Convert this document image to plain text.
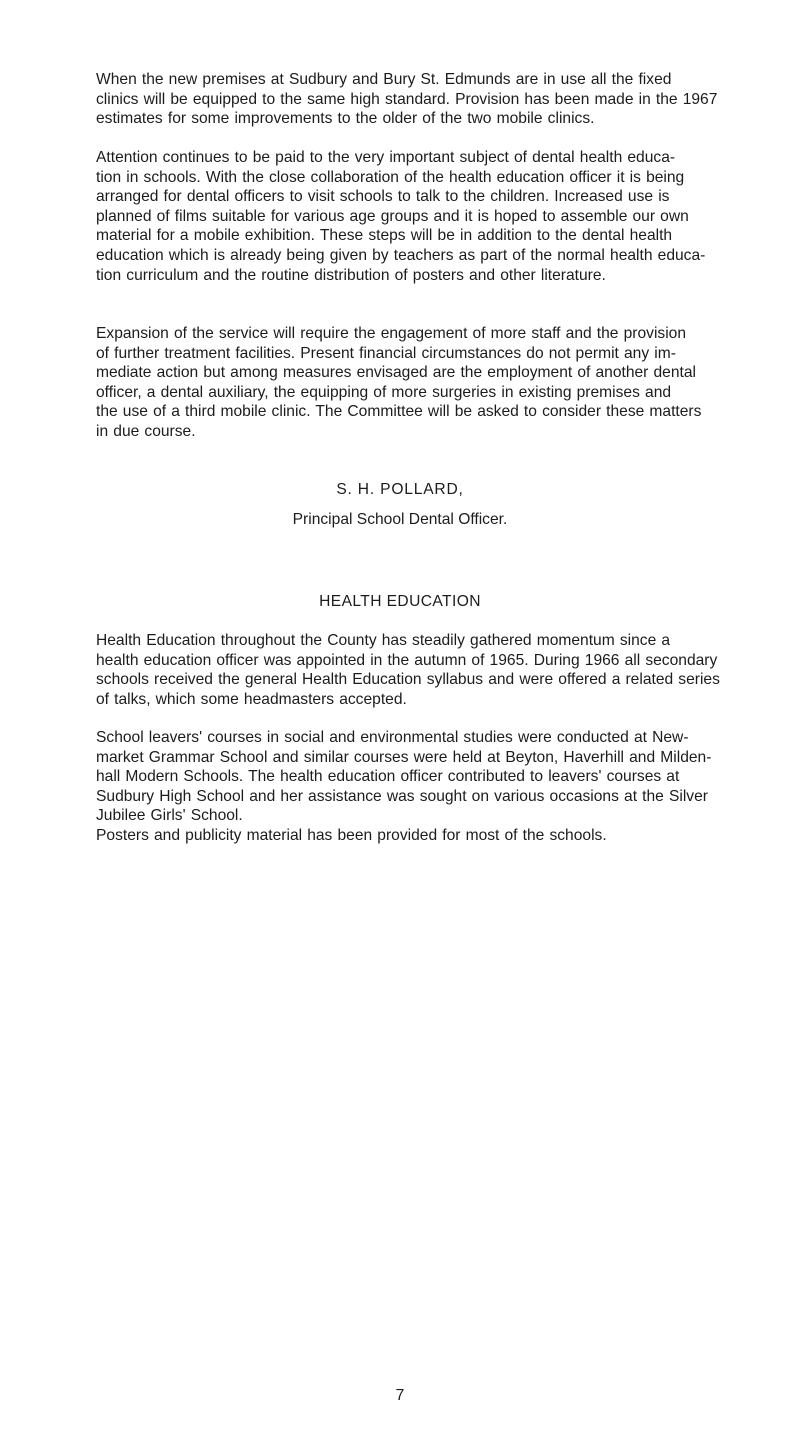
When the new premises at Sudbury and Bury St. Edmunds are in use all the fixed
clinics will be equipped to the same high standard. Provision has been made in the 1967
estimates for some improvements to the older of the two mobile clinics.

Attention continues to be paid to the very important subject of dental health educa-
tion in schools. With the close collaboration of the health education officer it is being
arranged for dental officers to visit schools to talk to the children. Increased use is
planned of films suitable for various age groups and it is hoped to assemble our own
material for a mobile exhibition. These steps will be in addition to the dental health
education which is already being given by teachers as part of the normal health educa-
tion curriculum and the routine distribution of posters and other literature.

Expansion of the service will require the engagement of more staff and the provision
of further treatment facilities. Present financial circumstances do not permit any im-
mediate action but among measures envisaged are the employment of another dental
officer, a dental auxiliary, the equipping of more surgeries in existing premises and
the use of a third mobile clinic. The Committee will be asked to consider these matters
in due course.

S. H. POLLARD,

Principal School Dental Officer.

HEALTH EDUCATION

Health Education throughout the County has steadily gathered momentum since a
health education officer was appointed in the autumn of 1965. During 1966 all secondary
schools received the general Health Education syllabus and were offered a related series
of talks, which some headmasters accepted.

School leavers' courses in social and environmental studies were conducted at New-
market Grammar School and similar courses were held at Beyton, Haverhill and Milden-
hall Modern Schools. The health education officer contributed to leavers' courses at
Sudbury High School and her assistance was sought on various occasions at the Silver
Jubilee Girls' School.

Posters and publicity material has been provided for most of the schools.

7
